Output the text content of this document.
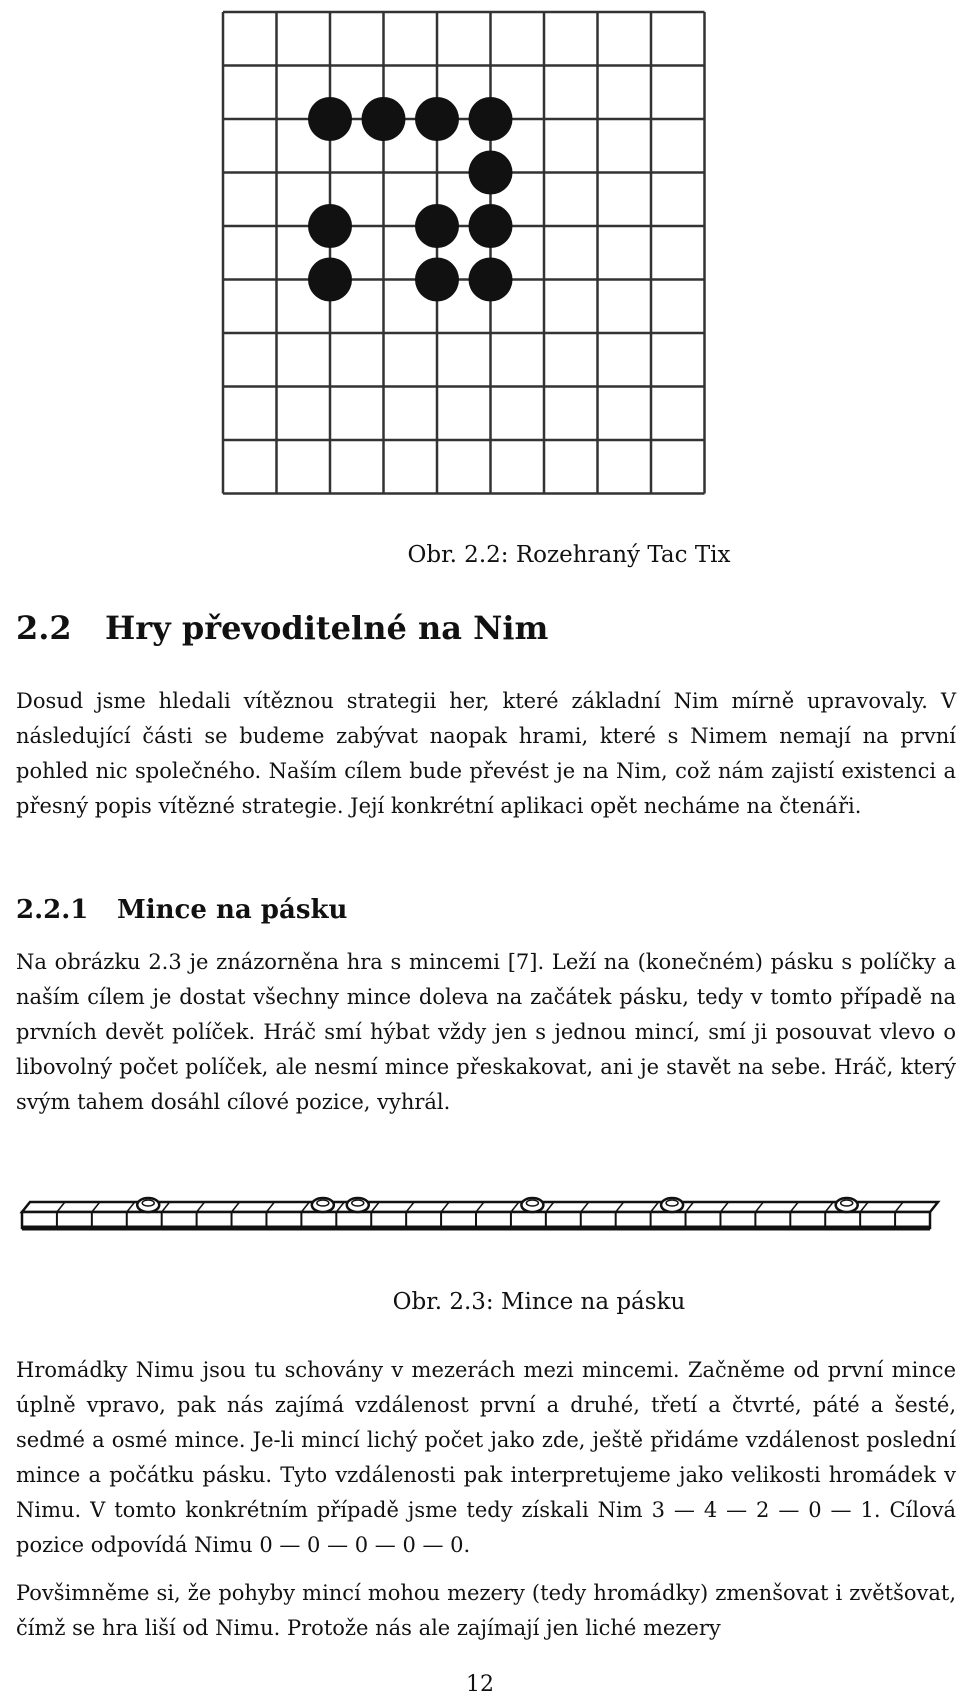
Obr. 2.2: Rozehraný Tac Tix
2.2 Hry převoditelné na Nim

Dosud jsme hledali vítěznou strategii her, které základní Nim mírně upravovaly. V následující části se budeme zabývat naopak hrami, které s Nimem nemají na první pohled nic společného. Naším cílem bude převést je na Nim, což nám zajistí existenci a přesný popis vítězné strategie. Její konkrétní aplikaci opět necháme na čtenáři.

2.2.1 Mince na pásku

Na obrázku 2.3 je znázorněna hra s mincemi [7]. Leží na (konečném) pásku s políčky a naším cílem je dostat všechny mince doleva na začátek pásku, tedy v tomto případě na prvních devět políček. Hráč smí hýbat vždy jen s jednou mincí, smí ji posouvat vlevo o libovolný počet políček, ale nesmí mince přeskakovat, ani je stavět na sebe. Hráč, který svým tahem dosáhl cílové pozice, vyhrál.

Obr. 2.3: Mince na pásku

Hromádky Nimu jsou tu schovány v mezerách mezi mincemi. Začněme od první mince úplně vpravo, pak nás zajímá vzdálenost první a druhé, třetí a čtvrté, páté a šesté, sedmé a osmé mince. Je-li mincí lichý počet jako zde, ještě přidáme vzdálenost poslední mince a počátku pásku. Tyto vzdálenosti pak interpretujeme jako velikosti hromádek v Nimu. V tomto konkrétním případě jsme tedy získali Nim 3 — 4 — 2 — 0 — 1. Cílová pozice odpovídá Nimu 0 — 0 — 0 — 0 — 0.

Povšimněme si, že pohyby mincí mohou mezery (tedy hromádky) zmenšovat i zvětšovat, čímž se hra liší od Nimu. Protože nás ale zajímají jen liché mezery

12
